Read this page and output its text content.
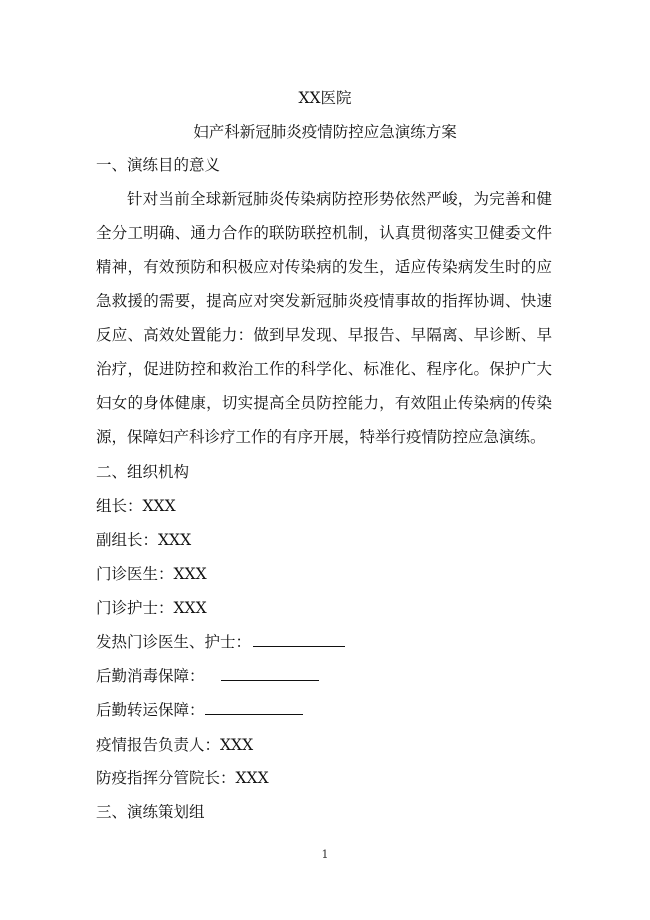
XX医院
妇产科新冠肺炎疫情防控应急演练方案
一、演练目的意义
针对当前全球新冠肺炎传染病防控形势依然严峻，为完善和健全分工明确、通力合作的联防联控机制，认真贯彻落实卫健委文件精神，有效预防和积极应对传染病的发生，适应传染病发生时的应急救援的需要，提高应对突发新冠肺炎疫情事故的指挥协调、快速反应、高效处置能力：做到早发现、早报告、早隔离、早诊断、早治疗，促进防控和救治工作的科学化、标准化、程序化。保护广大妇女的身体健康，切实提高全员防控能力，有效阻止传染病的传染源，保障妇产科诊疗工作的有序开展，特举行疫情防控应急演练。
二、组织机构
组长：XXX
副组长：XXX
门诊医生：XXX
门诊护士：XXX
发热门诊医生、护士：
后勤消毒保障：
后勤转运保障：
疫情报告负责人：XXX
防疫指挥分管院长：XXX
三、演练策划组
1
